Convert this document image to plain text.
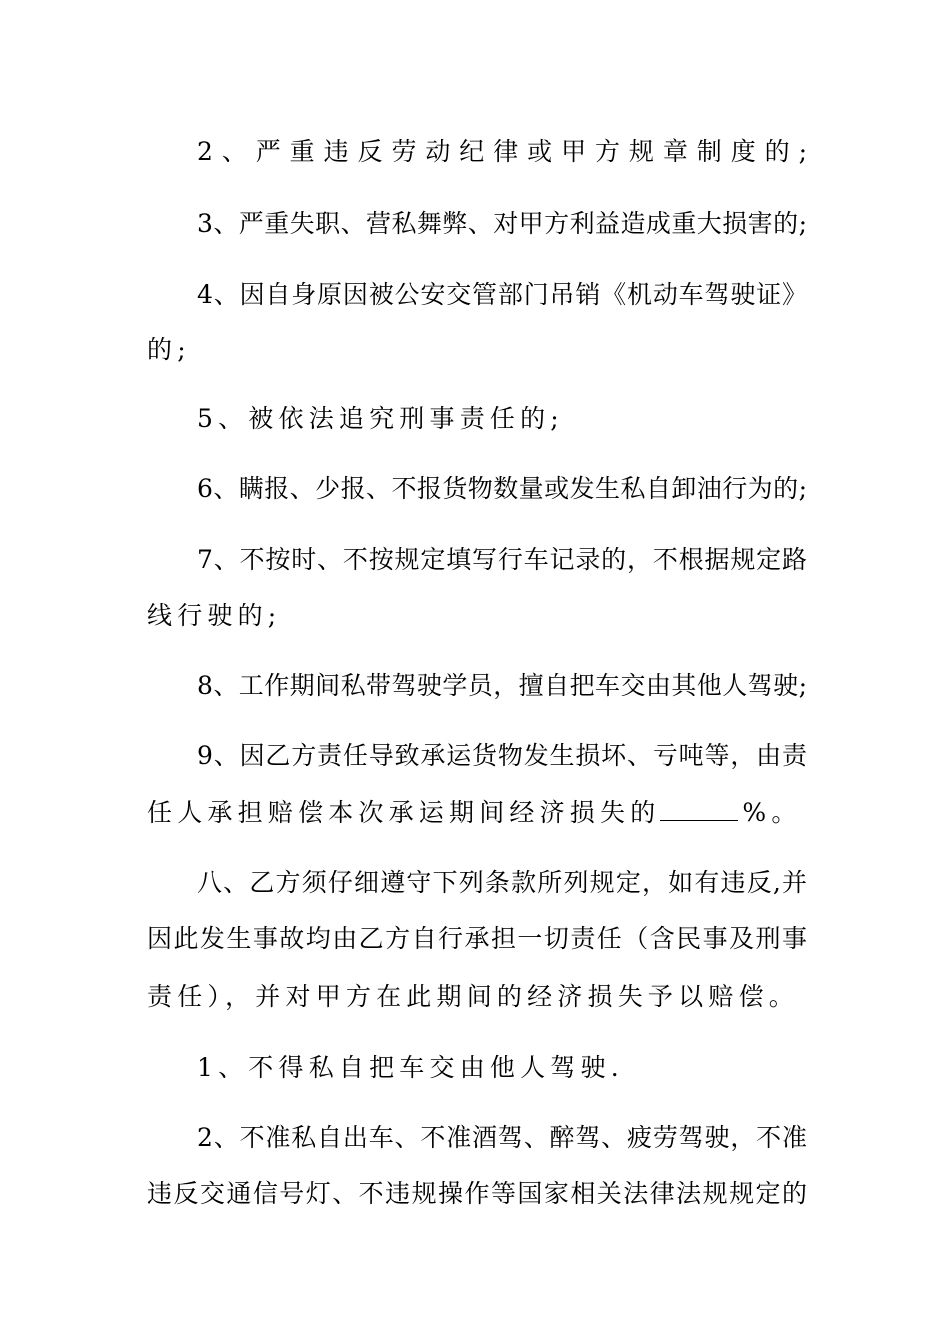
2、严重违反劳动纪律或甲方规章制度的;
3、严重失职、营私舞弊、对甲方利益造成重大损害的;
4、因自身原因被公安交管部门吊销《机动车驾驶证》
的;
5、被依法追究刑事责任的;
6、瞒报、少报、不报货物数量或发生私自卸油行为的;
7、不按时、不按规定填写行车记录的，不根据规定路
线行驶的;
8、工作期间私带驾驶学员，擅自把车交由其他人驾驶;
9、因乙方责任导致承运货物发生损坏、亏吨等，由责
任人承担赔偿本次承运期间经济损失的	%。
八、乙方须仔细遵守下列条款所列规定，如有违反,并
因此发生事故均由乙方自行承担一切责任（含民事及刑事
责任），并对甲方在此期间的经济损失予以赔偿。
1、不得私自把车交由他人驾驶.
2、不准私自出车、不准酒驾、醉驾、疲劳驾驶，不准
违反交通信号灯、不违规操作等国家相关法律法规规定的
